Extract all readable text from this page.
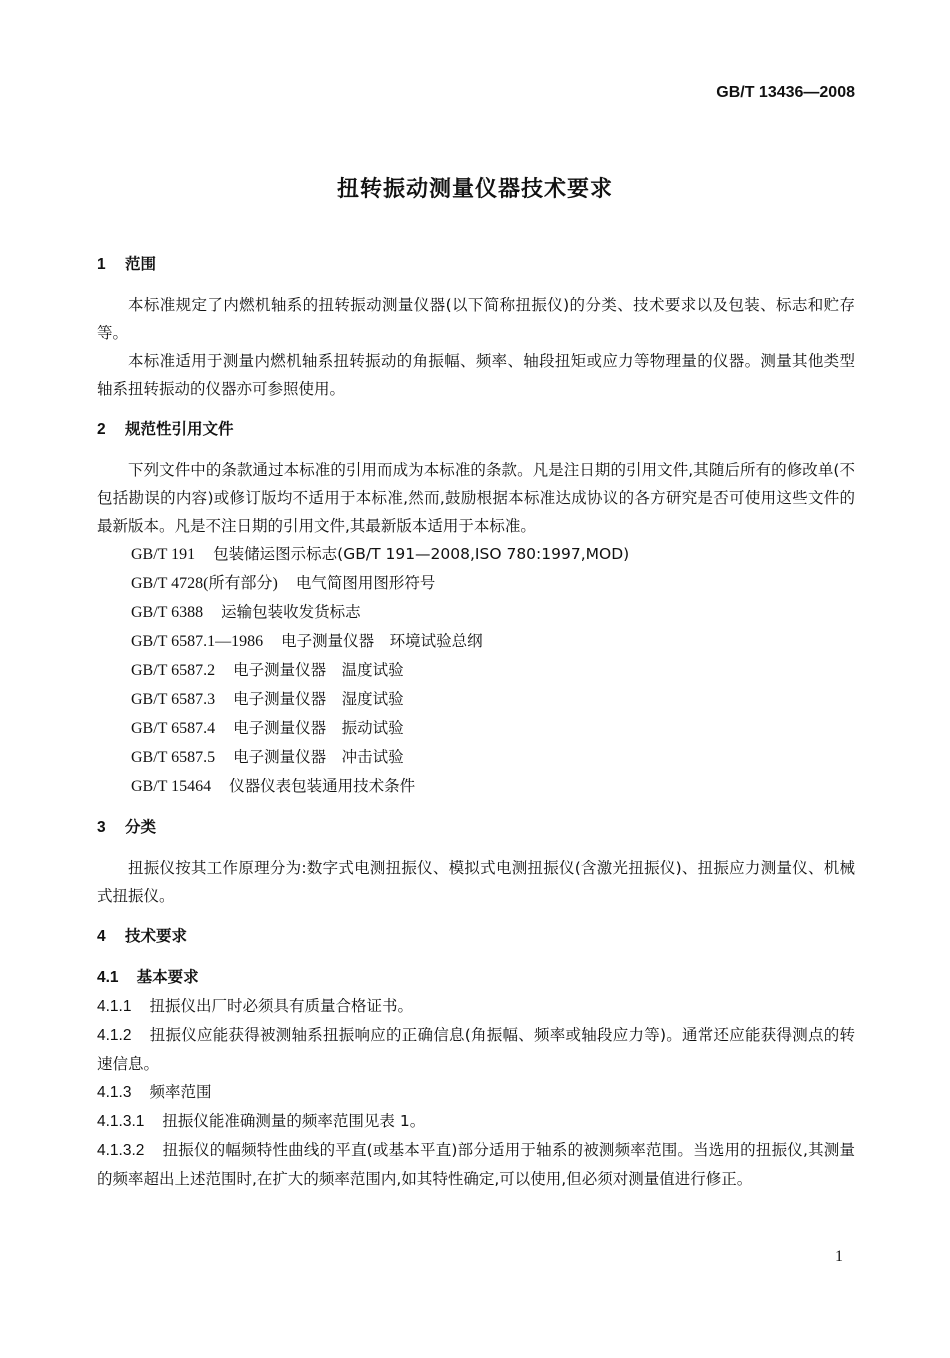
GB/T 13436—2008
扭转振动测量仪器技术要求
1 范围

本标准规定了内燃机轴系的扭转振动测量仪器(以下简称扭振仪)的分类、技术要求以及包装、标志和贮存等。

本标准适用于测量内燃机轴系扭转振动的角振幅、频率、轴段扭矩或应力等物理量的仪器。测量其他类型轴系扭转振动的仪器亦可参照使用。

2 规范性引用文件

下列文件中的条款通过本标准的引用而成为本标准的条款。凡是注日期的引用文件,其随后所有的修改单(不包括勘误的内容)或修订版均不适用于本标准,然而,鼓励根据本标准达成协议的各方研究是否可使用这些文件的最新版本。凡是不注日期的引用文件,其最新版本适用于本标准。

GB/T 191 包装储运图示标志(GB/T 191—2008,ISO 780:1997,MOD)

GB/T 4728(所有部分) 电气简图用图形符号

GB/T 6388 运输包装收发货标志

GB/T 6587.1—1986 电子测量仪器　环境试验总纲

GB/T 6587.2 电子测量仪器　温度试验

GB/T 6587.3 电子测量仪器　湿度试验

GB/T 6587.4 电子测量仪器　振动试验

GB/T 6587.5 电子测量仪器　冲击试验

GB/T 15464 仪器仪表包装通用技术条件

3 分类

扭振仪按其工作原理分为:数字式电测扭振仪、模拟式电测扭振仪(含激光扭振仪)、扭振应力测量仪、机械式扭振仪。

4 技术要求

4.1 基本要求

4.1.1 扭振仪出厂时必须具有质量合格证书。

4.1.2 扭振仪应能获得被测轴系扭振响应的正确信息(角振幅、频率或轴段应力等)。通常还应能获得测点的转速信息。

4.1.3 频率范围

4.1.3.1 扭振仪能准确测量的频率范围见表 1。

4.1.3.2 扭振仪的幅频特性曲线的平直(或基本平直)部分适用于轴系的被测频率范围。当选用的扭振仪,其测量的频率超出上述范围时,在扩大的频率范围内,如其特性确定,可以使用,但必须对测量值进行修正。

1
